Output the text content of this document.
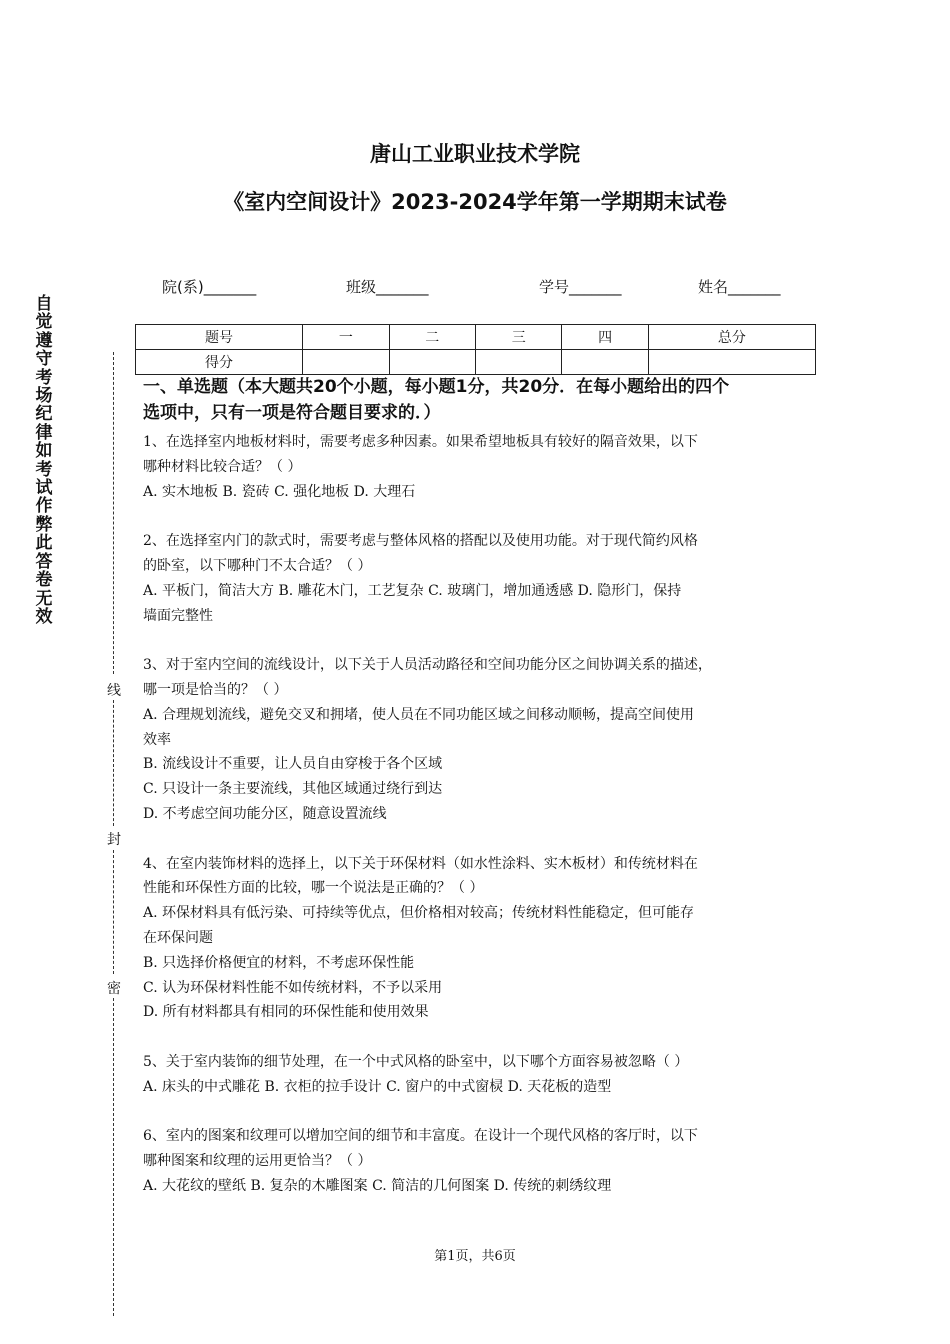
唐山工业职业技术学院
《室内空间设计》2023-2024学年第一学期期末试卷
院(系)_______	班级_______	学号_______	姓名_______
题号	一	二	三	四	总分
得分					
自觉遵守考场纪律如考试作弊此答卷无效
线
封
密
一、单选题（本大题共20个小题，每小题1分，共20分．在每小题给出的四个
选项中，只有一项是符合题目要求的．）
1、在选择室内地板材料时，需要考虑多种因素。如果希望地板具有较好的隔音效果，以下
哪种材料比较合适？（ ）
A. 实木地板 B. 瓷砖 C. 强化地板 D. 大理石
2、在选择室内门的款式时，需要考虑与整体风格的搭配以及使用功能。对于现代简约风格
的卧室，以下哪种门不太合适？（ ）
A. 平板门，简洁大方 B. 雕花木门，工艺复杂 C. 玻璃门，增加通透感 D. 隐形门，保持
墙面完整性
3、对于室内空间的流线设计，以下关于人员活动路径和空间功能分区之间协调关系的描述，
哪一项是恰当的？（ ）
A. 合理规划流线，避免交叉和拥堵，使人员在不同功能区域之间移动顺畅，提高空间使用
效率
B. 流线设计不重要，让人员自由穿梭于各个区域
C. 只设计一条主要流线，其他区域通过绕行到达
D. 不考虑空间功能分区，随意设置流线
4、在室内装饰材料的选择上，以下关于环保材料（如水性涂料、实木板材）和传统材料在
性能和环保性方面的比较，哪一个说法是正确的？（ ）
A. 环保材料具有低污染、可持续等优点，但价格相对较高；传统材料性能稳定，但可能存
在环保问题
B. 只选择价格便宜的材料，不考虑环保性能
C. 认为环保材料性能不如传统材料，不予以采用
D. 所有材料都具有相同的环保性能和使用效果
5、关于室内装饰的细节处理，在一个中式风格的卧室中，以下哪个方面容易被忽略（ ）
A. 床头的中式雕花 B. 衣柜的拉手设计 C. 窗户的中式窗棂 D. 天花板的造型
6、室内的图案和纹理可以增加空间的细节和丰富度。在设计一个现代风格的客厅时，以下
哪种图案和纹理的运用更恰当？（ ）
A. 大花纹的壁纸 B. 复杂的木雕图案 C. 简洁的几何图案 D. 传统的刺绣纹理
第1页，共6页
